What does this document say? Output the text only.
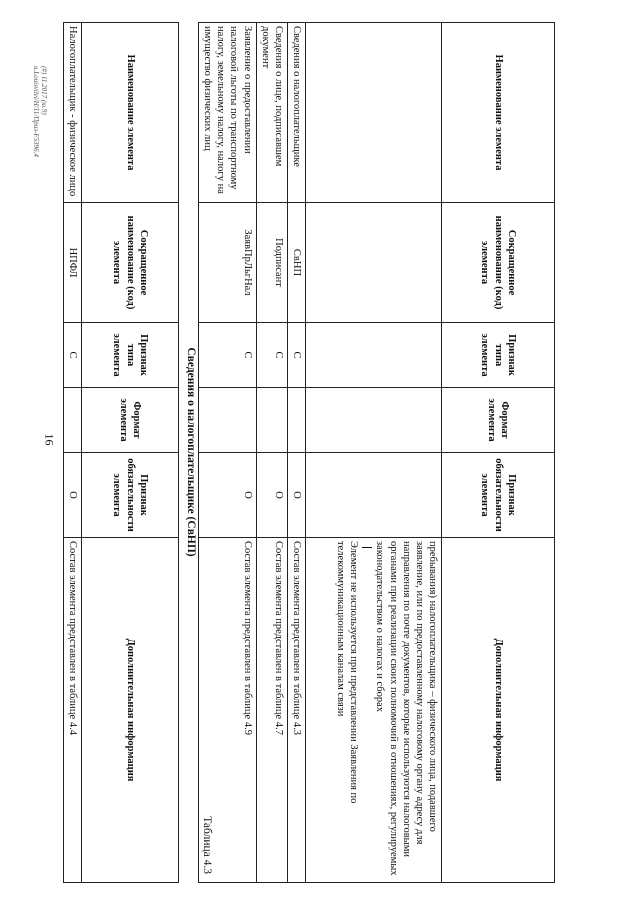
16
Наименование элемента	Сокращенное наименование (код) элемента	Признак типа элемента	Формат элемента	Признак обязательности элемента	Дополнительная информация

					пребывания) налогоплательщика – физического лица, подавшего заявление, или по предоставленному налоговому органу адресу для направления по почте документов, которые используются налоговыми органами при реализации своих полномочий в отношениях, регулируемых законодательством о налогах и сборах
Элемент не используется при представлении Заявления по телекоммуникационным каналам связи

Сведения о налогоплательщике	СвНП	С		О	Состав элемента представлен в таблице 4.3
Сведения о лице, подписавшем документ	Подписант	С		О	Состав элемента представлен в таблице 4.7
Заявление о предоставлении налоговой льготы по транспортному налогу, земельному налогу, налогу на имущество физических лиц	ЗаявПрЛьгНал	С		О	Состав элемента представлен в таблице 4.9
Таблица 4.3
Сведения о налогоплательщике (СвНП)
Наименование элемента	Сокращенное наименование (код) элемента	Признак типа элемента	Формат элемента	Признак обязательности элемента	Дополнительная информация
Налогоплательщик - физическое лицо	НПФЛ	С		О	Состав элемента представлен в таблице 4.4
(#) 11.2017 (ю.9)
и.Louisvilei/H/11/Приз-F5396.4
